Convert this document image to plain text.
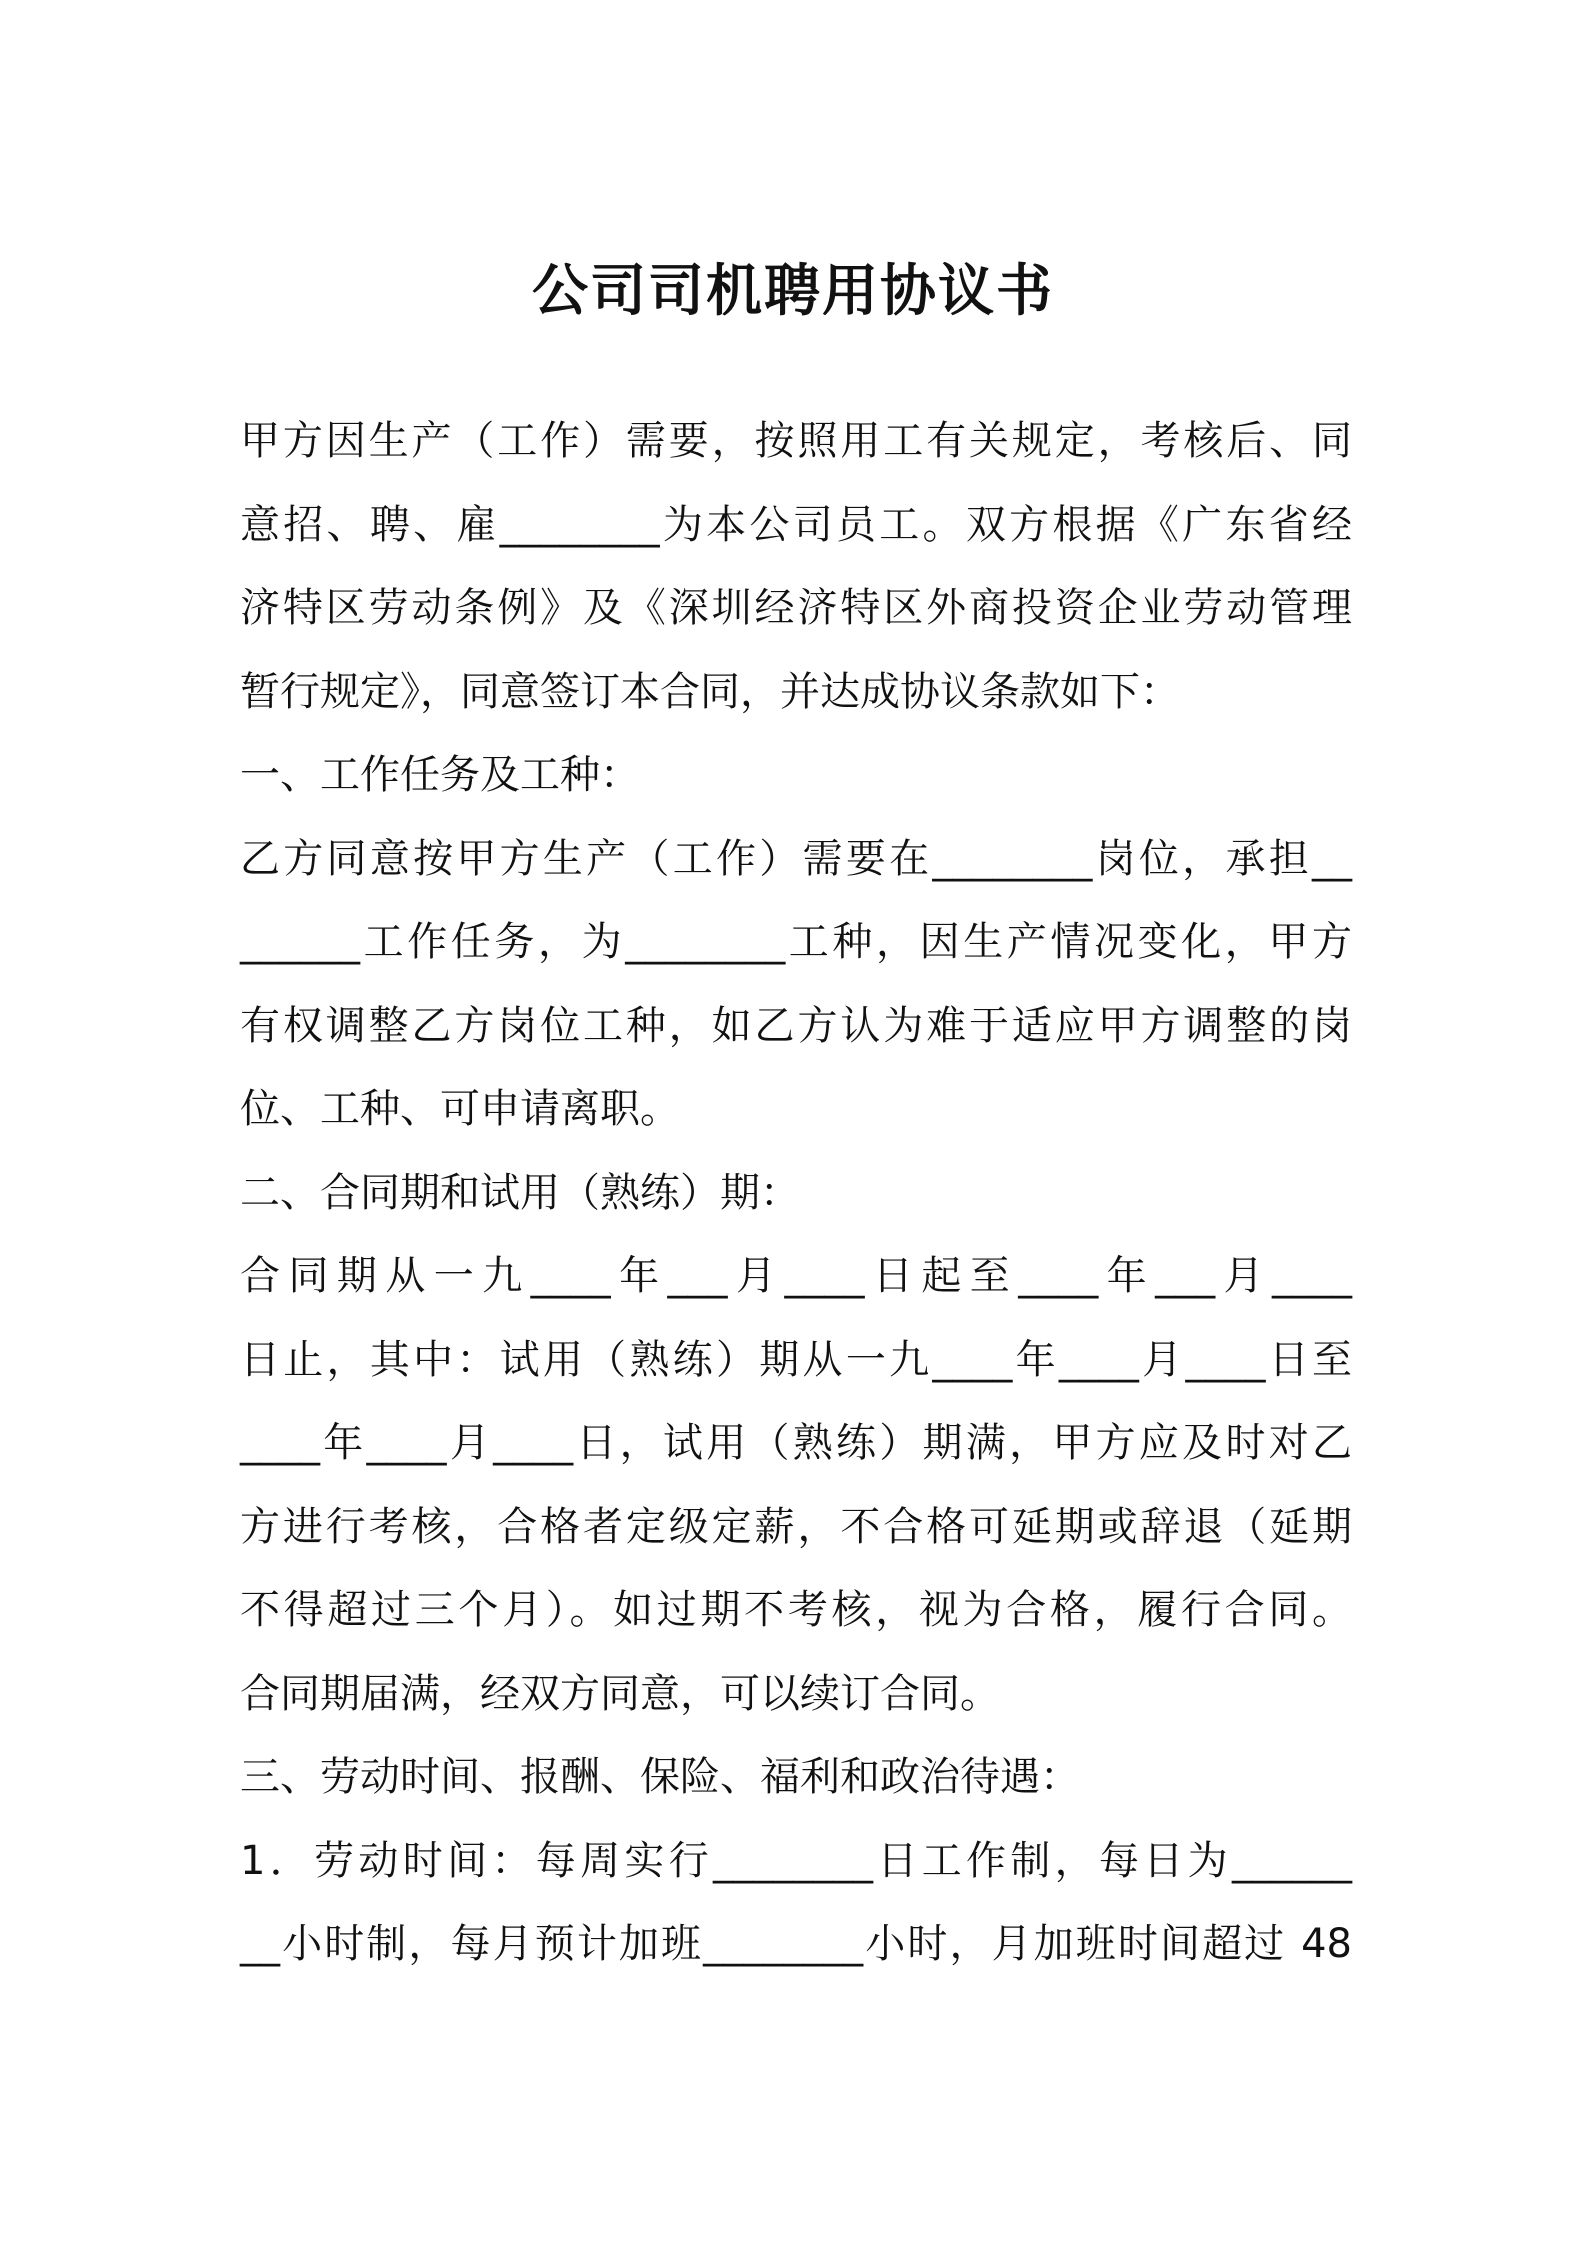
公司司机聘用协议书
甲方因生产（工作）需要，按照用工有关规定，考核后、同
意招、聘、雇________为本公司员工。双方根据《广东省经
济特区劳动条例》及《深圳经济特区外商投资企业劳动管理
暂行规定》，同意签订本合同，并达成协议条款如下：
一、工作任务及工种：
乙方同意按甲方生产（工作）需要在________岗位，承担__
______工作任务，为________工种，因生产情况变化，甲方
有权调整乙方岗位工种，如乙方认为难于适应甲方调整的岗
位、工种、可申请离职。
二、合同期和试用（熟练）期：
合同期从一九____年___月____日起至____年___月____
日止，其中：试用（熟练）期从一九____年____月____日至
____年____月____日，试用（熟练）期满，甲方应及时对乙
方进行考核，合格者定级定薪，不合格可延期或辞退（延期
不得超过三个月）。如过期不考核，视为合格，履行合同。
合同期届满，经双方同意，可以续订合同。
三、劳动时间、报酬、保险、福利和政治待遇：
1．劳动时间：每周实行________日工作制，每日为______
__小时制，每月预计加班________小时，月加班时间超过 48
